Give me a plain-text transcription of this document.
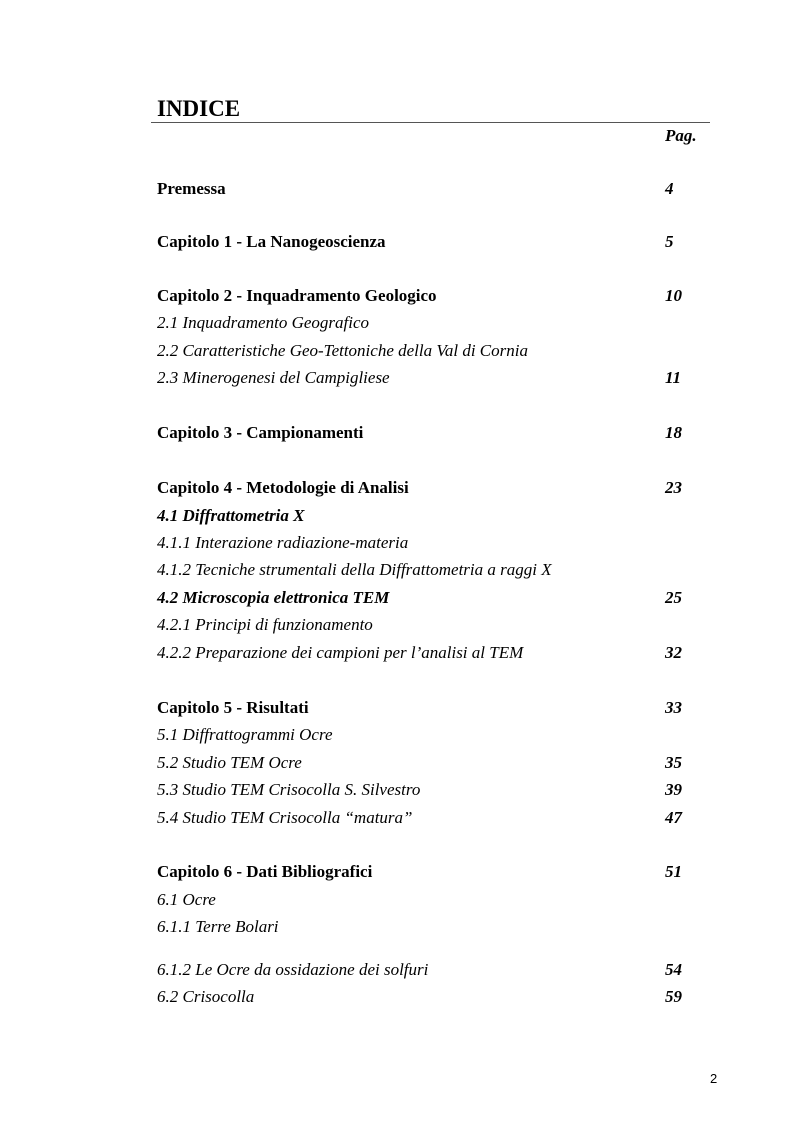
INDICE
Pag.
Premessa	4
Capitolo 1 - La Nanogeoscienza	5
Capitolo 2 - Inquadramento Geologico	10
2.1 Inquadramento Geografico
2.2 Caratteristiche Geo-Tettoniche della Val di Cornia
2.3 Minerogenesi del Campigliese	11
Capitolo 3 - Campionamenti	18
Capitolo 4 - Metodologie di Analisi	23
4.1 Diffrattometria X
4.1.1 Interazione radiazione-materia
4.1.2 Tecniche strumentali della Diffrattometria a raggi X
4.2 Microscopia elettronica TEM	25
4.2.1 Principi di funzionamento
4.2.2 Preparazione dei campioni per l’analisi al TEM	32
Capitolo 5 - Risultati	33
5.1 Diffrattogrammi Ocre
5.2 Studio TEM Ocre	35
5.3 Studio TEM Crisocolla S. Silvestro	39
5.4 Studio TEM Crisocolla “matura”	47
Capitolo 6 - Dati Bibliografici	51
6.1 Ocre
6.1.1 Terre Bolari
6.1.2 Le Ocre da ossidazione dei solfuri	54
6.2 Crisocolla	59
2
